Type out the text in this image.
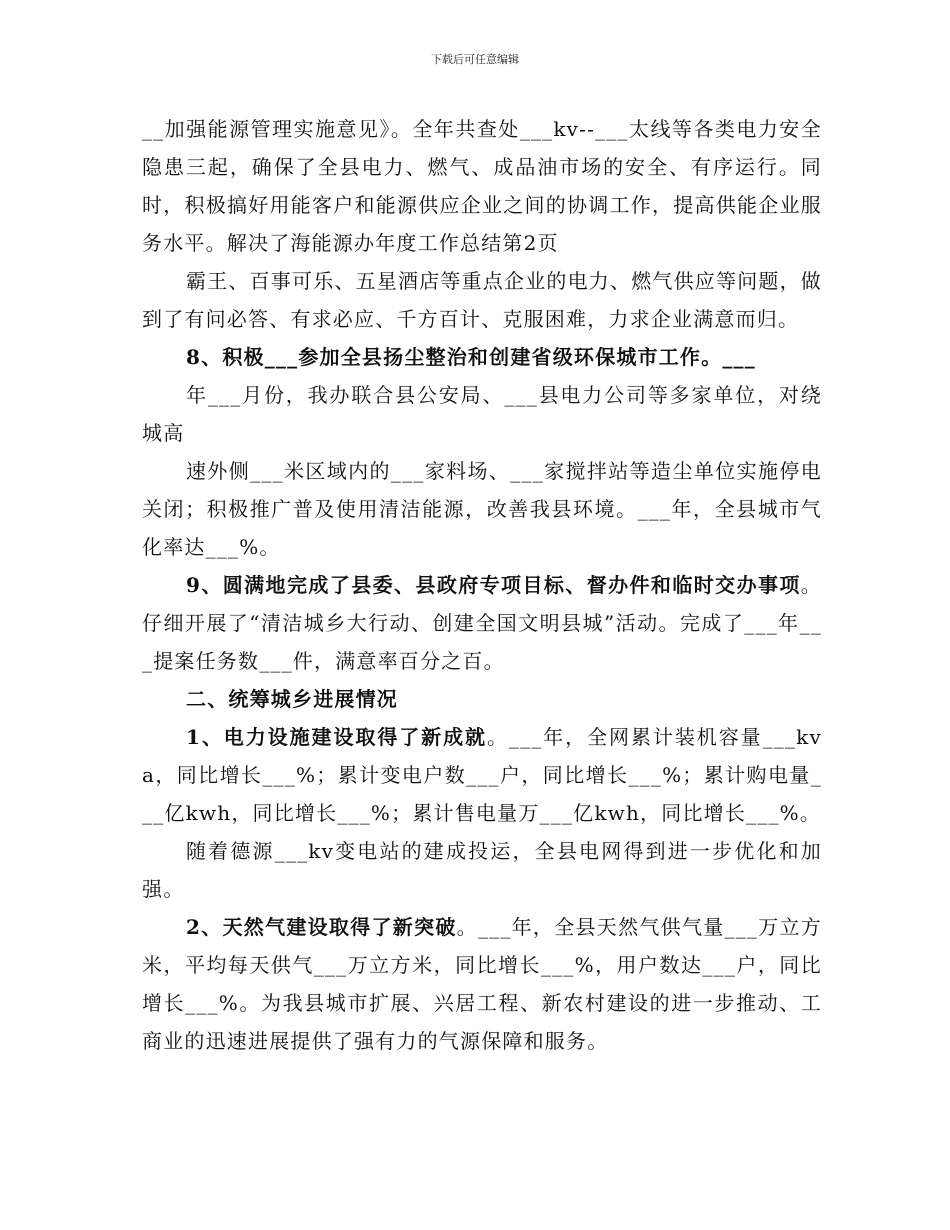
下载后可任意编辑

__加强能源管理实施意见》。全年共查处___kv--___太线等各类电力安全隐患三起，确保了全县电力、燃气、成品油市场的安全、有序运行。同时，积极搞好用能客户和能源供应企业之间的协调工作，提高供能企业服务水平。解决了海能源办年度工作总结第2页

霸王、百事可乐、五星酒店等重点企业的电力、燃气供应等问题，做到了有问必答、有求必应、千方百计、克服困难，力求企业满意而归。

8、积极___参加全县扬尘整治和创建省级环保城市工作。___

年___月份，我办联合县公安局、___县电力公司等多家单位，对绕城高

速外侧___米区域内的___家料场、___家搅拌站等造尘单位实施停电关闭；积极推广普及使用清洁能源，改善我县环境。___年，全县城市气化率达___%。

9、圆满地完成了县委、县政府专项目标、督办件和临时交办事项。仔细开展了“清洁城乡大行动、创建全国文明县城”活动。完成了___年___提案任务数___件，满意率百分之百。

二、统筹城乡进展情况

1、电力设施建设取得了新成就。___年，全网累计装机容量___kva，同比增长___%；累计变电户数___户，同比增长___%；累计购电量___亿kwh，同比增长___%；累计售电量万___亿kwh，同比增长___%。

随着德源___kv变电站的建成投运，全县电网得到进一步优化和加强。

2、天然气建设取得了新突破。___年，全县天然气供气量___万立方米，平均每天供气___万立方米，同比增长___%，用户数达___户，同比增长___%。为我县城市扩展、兴居工程、新农村建设的进一步推动、工商业的迅速进展提供了强有力的气源保障和服务。
